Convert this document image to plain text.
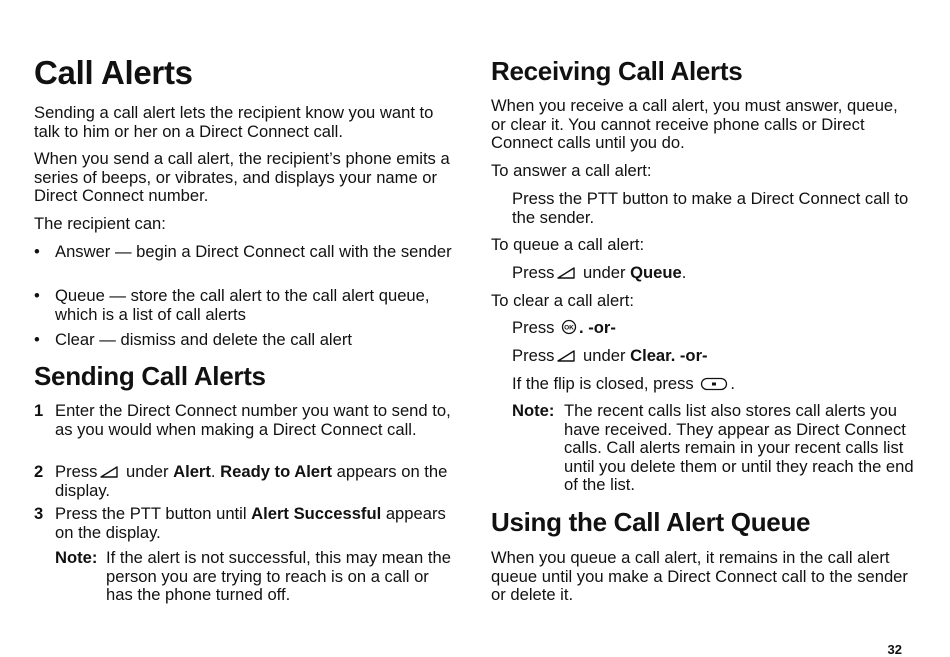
Call Alerts

Sending a call alert lets the recipient know you want to talk to him or her on a Direct Connect call.

When you send a call alert, the recipient’s phone emits a series of beeps, or vibrates, and displays your name or Direct Connect number.

The recipient can:

• Answer — begin a Direct Connect call with the sender
• Queue — store the call alert to the call alert queue, which is a list of call alerts
• Clear — dismiss and delete the call alert
Sending Call Alerts
1 Enter the Direct Connect number you want to send to, as you would when making a Direct Connect call.
2 Press under Alert. Ready to Alert appears on the display.
3 Press the PTT button until Alert Successful appears on the display.
Note: If the alert is not successful, this may mean the person you are trying to reach is on a call or has the phone turned off.
Receiving Call Alerts

When you receive a call alert, you must answer, queue, or clear it. You cannot receive phone calls or Direct Connect calls until you do.

To answer a call alert:

Press the PTT button to make a Direct Connect call to the sender.

To queue a call alert:

Press under Queue.

To clear a call alert:

Press OK . -or-

Press under Clear. -or-

If the flip is closed, press .

Note: The recent calls list also stores call alerts you have received. They appear as Direct Connect calls. Call alerts remain in your recent calls list until you delete them or until they reach the end of the list.
Using the Call Alert Queue

When you queue a call alert, it remains in the call alert queue until you make a Direct Connect call to the sender or delete it.

32
